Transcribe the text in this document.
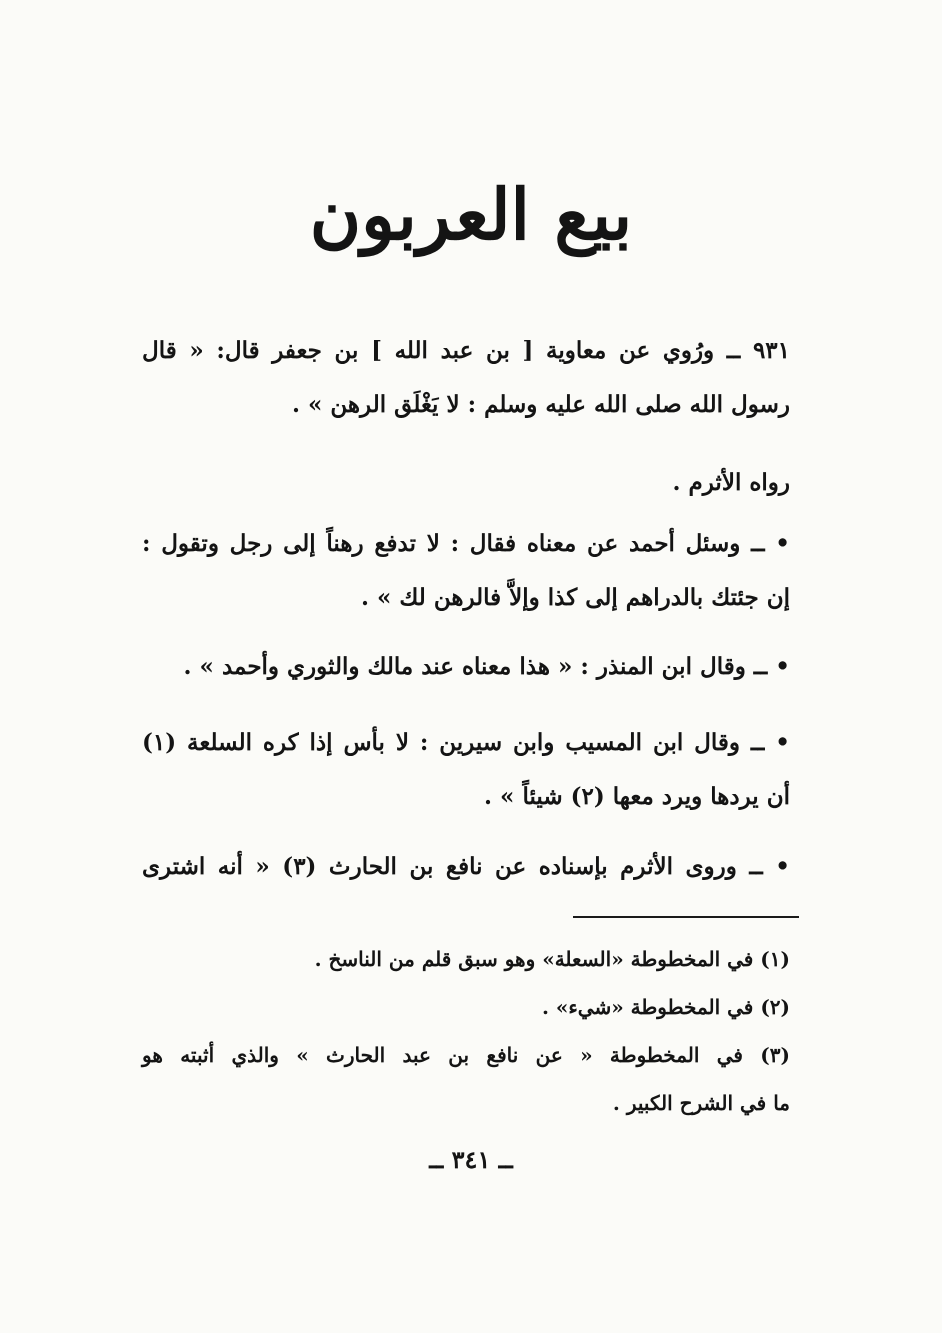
بيع العربون
٩٣١ ــ ورُوي عن معاوية [ بن عبد الله ] بن جعفر قال: « قال
رسول الله صلى الله عليه وسلم : لا يَغْلَق الرهن » .
رواه الأثرم .
• ــ وسئل أحمد عن معناه فقال : لا تدفع رهناً إلى رجل وتقول :
إن جئتك بالدراهم إلى كذا وإلاَّ فالرهن لك » .
• ــ وقال ابن المنذر : « هذا معناه عند مالك والثوري وأحمد » .
• ــ وقال ابن المسيب وابن سيرين : لا بأس إذا كره السلعة (١)
أن يردها ويرد معها (٢) شيئاً » .
• ــ وروى الأثرم بإسناده عن نافع بن الحارث (٣) « أنه اشترى
(١) في المخطوطة «السعلة» وهو سبق قلم من الناسخ .
(٢) في المخطوطة «شيء» .
(٣) في المخطوطة « عن نافع بن عبد الحارث » والذي أثبته هو
ما في الشرح الكبير .
ــ ٣٤١ ــ
